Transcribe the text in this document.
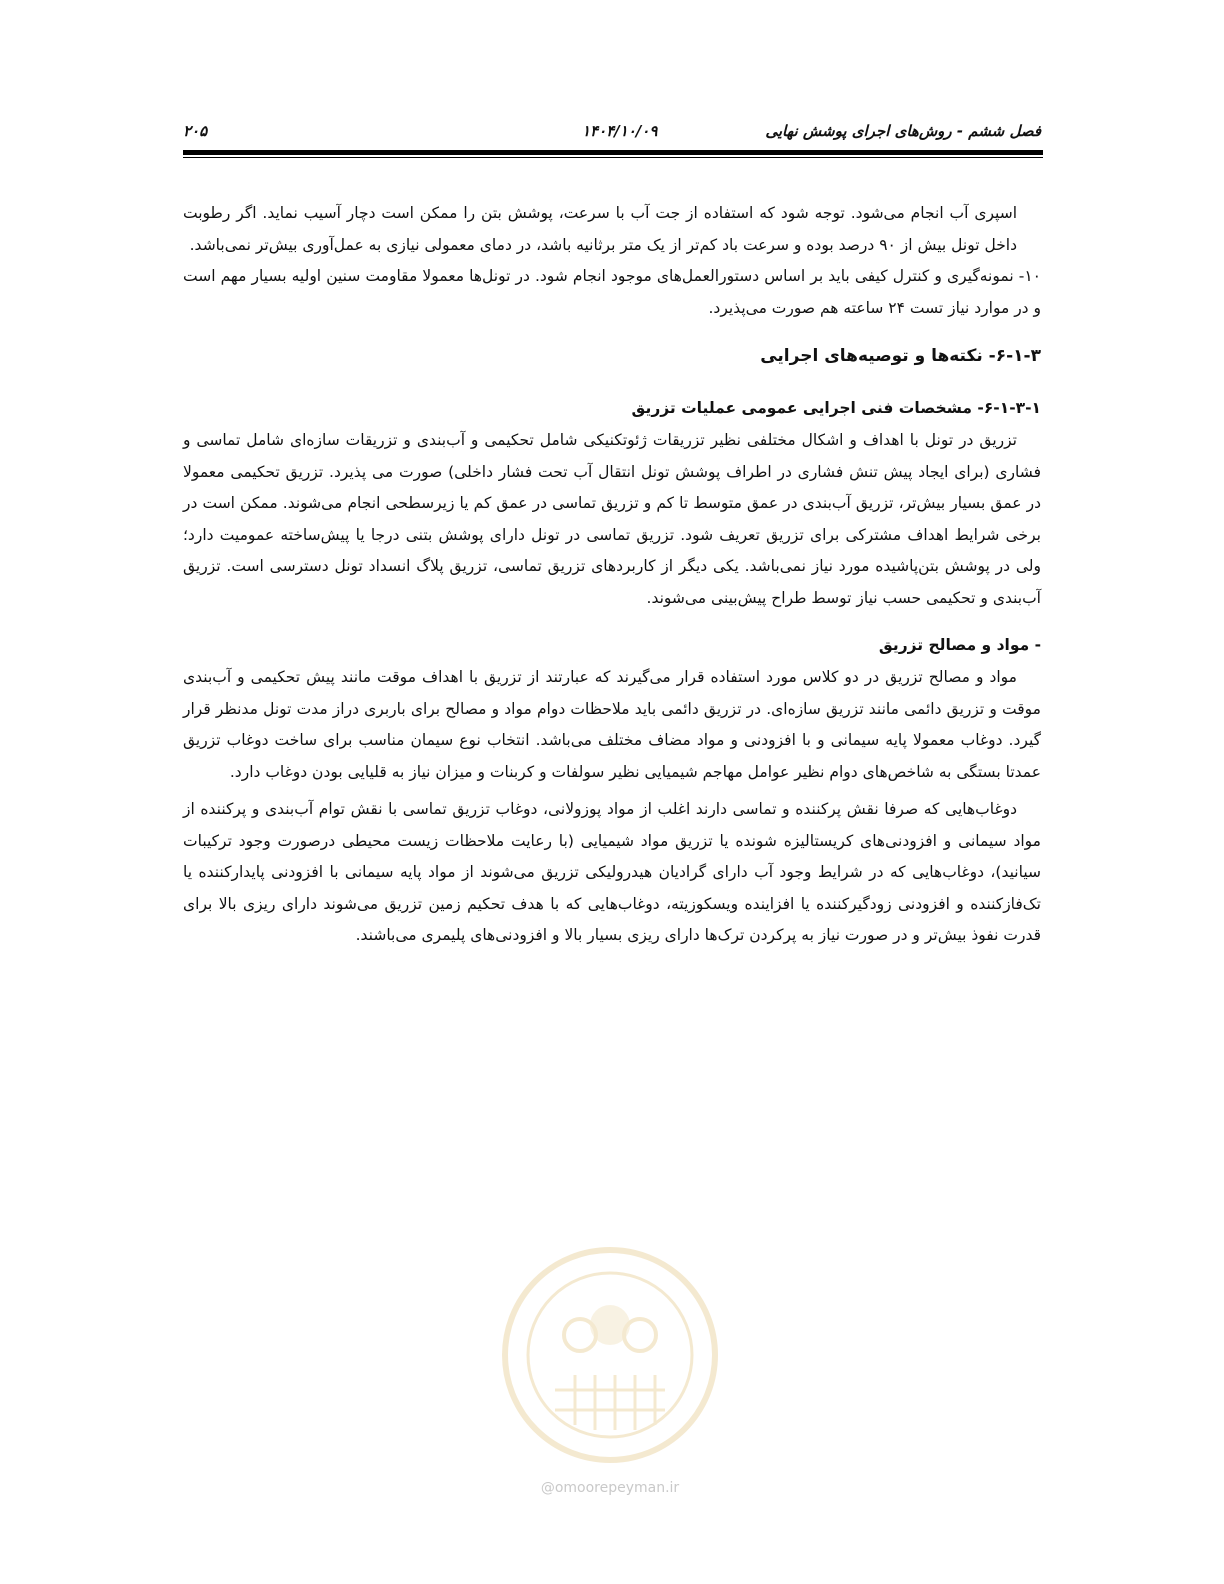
فصل ششم - روش‌های اجرای پوشش نهایی
۱۴۰۴/۱۰/۰۹
۲۰۵

اسپری آب انجام می‌شود. توجه شود که استفاده از جت آب با سرعت، پوشش بتن را ممکن است دچار آسیب نماید. اگر رطوبت داخل تونل بیش از ۹۰ درصد بوده و سرعت باد کم‌تر از یک متر برثانیه باشد، در دمای معمولی نیازی به عمل‌آوری بیش‌تر نمی‌باشد.

۱۰- نمونه‌گیری و کنترل کیفی باید بر اساس دستورالعمل‌های موجود انجام شود. در تونل‌ها معمولا مقاومت سنین اولیه بسیار مهم است و در موارد نیاز تست ۲۴ ساعته هم صورت می‌پذیرد.

۶-۱-۳- نکته‌ها و توصیه‌های اجرایی
۶-۱-۳-۱- مشخصات فنی اجرایی عمومی عملیات تزریق

تزریق در تونل با اهداف و اشکال مختلفی نظیر تزریقات ژئوتکنیکی شامل تحکیمی و آب‌بندی و تزریقات سازه‌ای شامل تماسی و فشاری (برای ایجاد پیش تنش فشاری در اطراف پوشش تونل انتقال آب تحت فشار داخلی) صورت می پذیرد. تزریق تحکیمی معمولا در عمق بسیار بیش‌تر، تزریق آب‌بندی در عمق متوسط تا کم و تزریق تماسی در عمق کم یا زیرسطحی انجام می‌شوند. ممکن است در برخی شرایط اهداف مشترکی برای تزریق تعریف شود. تزریق تماسی در تونل دارای پوشش بتنی درجا یا پیش‌ساخته عمومیت دارد؛ ولی در پوشش بتن‌پاشیده مورد نیاز نمی‌باشد. یکی دیگر از کاربردهای تزریق تماسی، تزریق پلاگ انسداد تونل دسترسی است. تزریق آب‌بندی و تحکیمی حسب نیاز توسط طراح پیش‌بینی می‌شوند.

- مواد و مصالح تزریق

مواد و مصالح تزریق در دو کلاس مورد استفاده قرار می‌گیرند که عبارتند از تزریق با اهداف موقت مانند پیش تحکیمی و آب‌بندی موقت و تزریق دائمی مانند تزریق سازه‌ای. در تزریق دائمی باید ملاحظات دوام مواد و مصالح برای باربری دراز مدت تونل مدنظر قرار گیرد. دوغاب معمولا پایه سیمانی و با افزودنی و مواد مضاف مختلف می‌باشد. انتخاب نوع سیمان مناسب برای ساخت دوغاب تزریق عمدتا بستگی به شاخص‌های دوام نظیر عوامل مهاجم شیمیایی نظیر سولفات و کربنات و میزان نیاز به قلیایی بودن دوغاب دارد.

دوغاب‌هایی که صرفا نقش پرکننده و تماسی دارند اغلب از مواد پوزولانی، دوغاب تزریق تماسی با نقش توام آب‌بندی و پرکننده از مواد سیمانی و افزودنی‌های کریستالیزه شونده یا تزریق مواد شیمیایی (با رعایت ملاحظات زیست محیطی درصورت وجود ترکیبات سیانید)، دوغاب‌هایی که در شرایط وجود آب دارای گرادیان هیدرولیکی تزریق می‌شوند از مواد پایه سیمانی با افزودنی پایدارکننده یا تک‌فازکننده و افزودنی زودگیرکننده یا افزاینده ویسکوزیته، دوغاب‌هایی که با هدف تحکیم زمین تزریق می‌شوند دارای ریزی بالا برای قدرت نفوذ بیش‌تر و در صورت نیاز به پرکردن ترک‌ها دارای ریزی بسیار بالا و افزودنی‌های پلیمری می‌باشند.

@omoorepeyman.ir
